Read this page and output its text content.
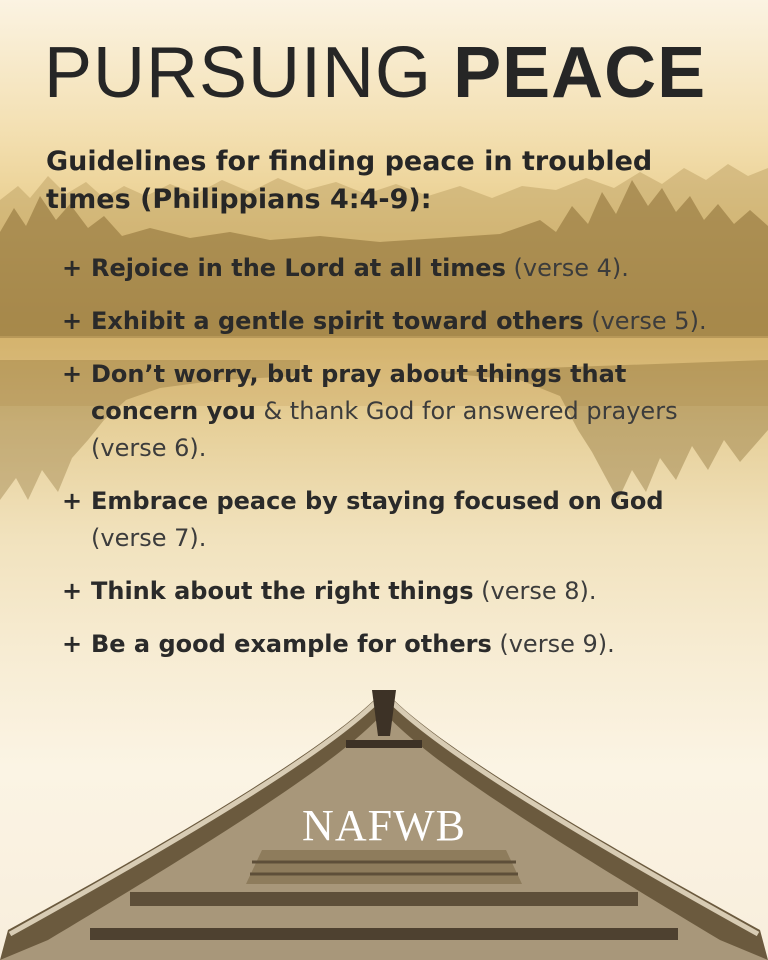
PURSUING PEACE

Guidelines for finding peace in troubled times (Philippians 4:4-9):

+ Rejoice in the Lord at all times (verse 4).
+ Exhibit a gentle spirit toward others (verse 5).
+ Don’t worry, but pray about things that concern you & thank God for answered prayers (verse 6).
+ Embrace peace by staying focused on God (verse 7).
+ Think about the right things (verse 8).
+ Be a good example for others (verse 9).
NAFWB
